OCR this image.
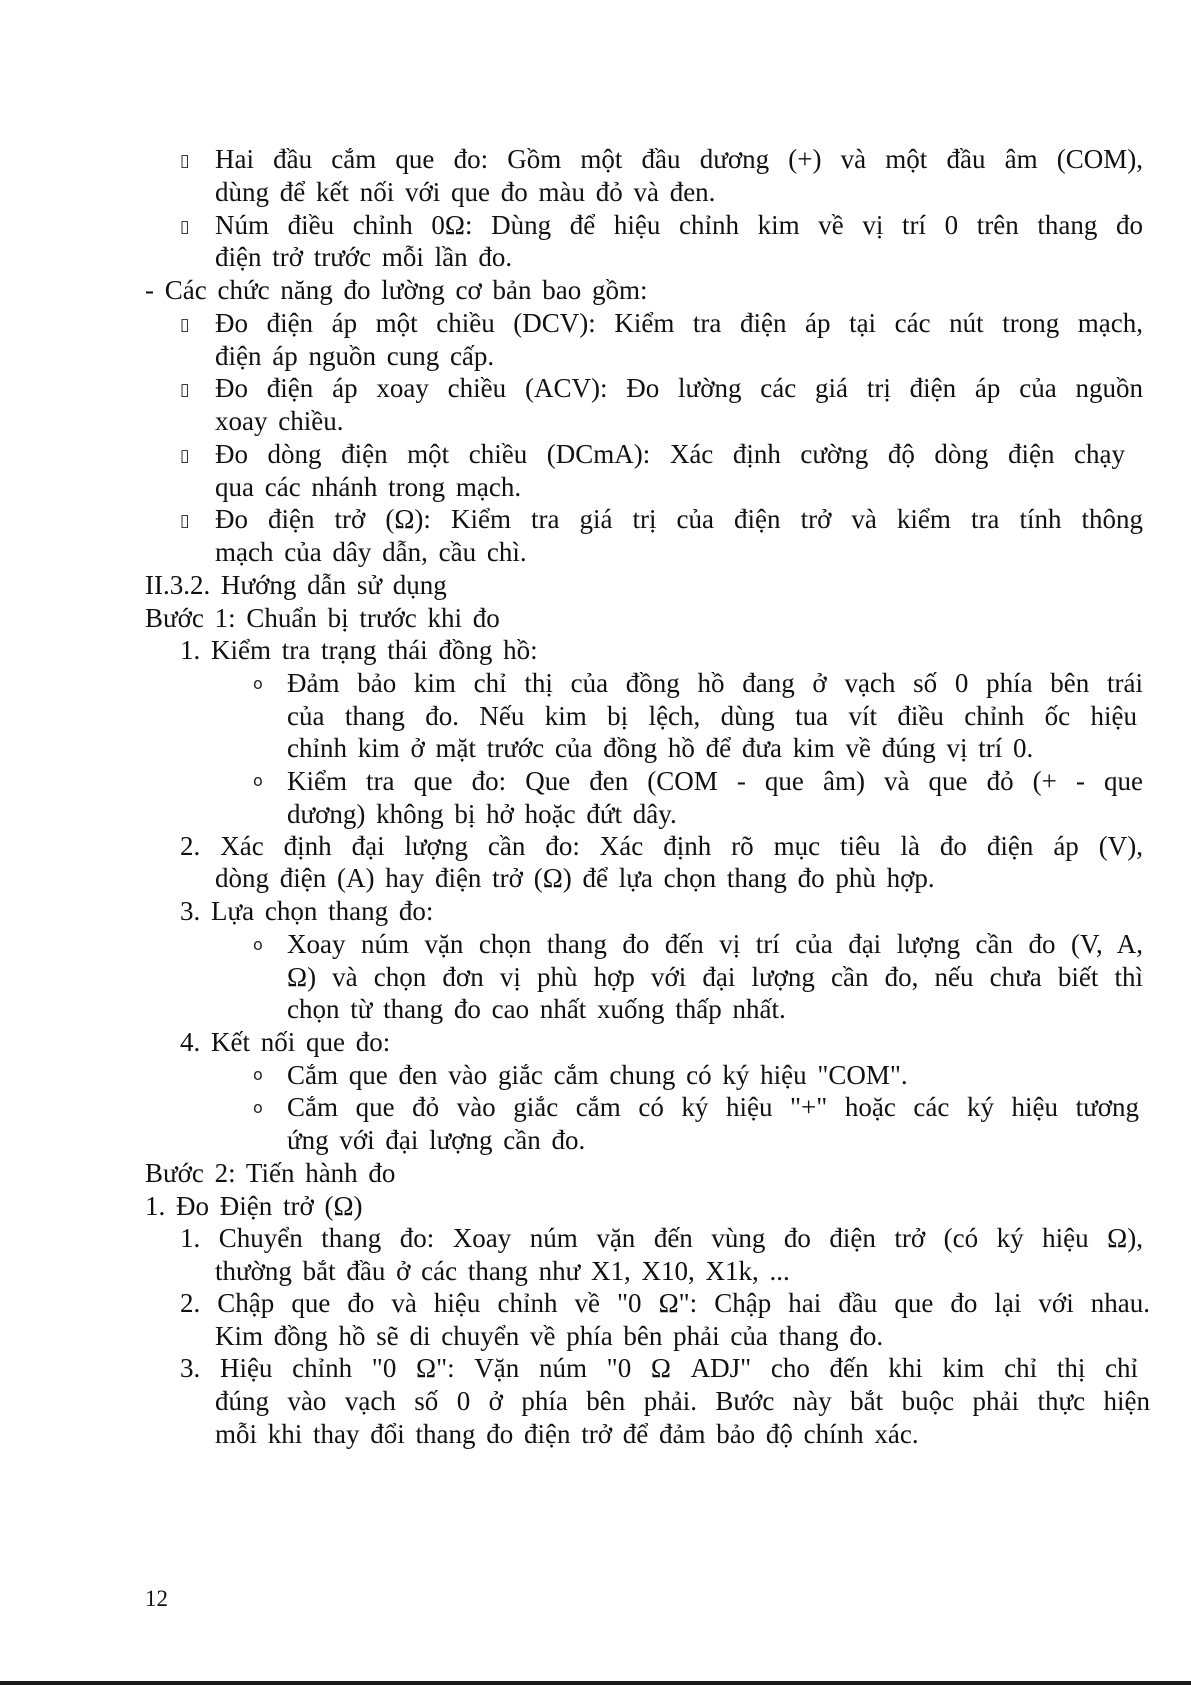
▯ Hai đầu cắm que đo: Gồm một đầu dương (+) và một đầu âm (COM),
dùng để kết nối với que đo màu đỏ và đen.
▯ Núm điều chỉnh 0Ω: Dùng để hiệu chỉnh kim về vị trí 0 trên thang đo
điện trở trước mỗi lần đo.
- Các chức năng đo lường cơ bản bao gồm:
▯ Đo điện áp một chiều (DCV): Kiểm tra điện áp tại các nút trong mạch,
điện áp nguồn cung cấp.
▯ Đo điện áp xoay chiều (ACV): Đo lường các giá trị điện áp của nguồn
xoay chiều.
▯ Đo dòng điện một chiều (DCmA): Xác định cường độ dòng điện chạy
qua các nhánh trong mạch.
▯ Đo điện trở (Ω): Kiểm tra giá trị của điện trở và kiểm tra tính thông
mạch của dây dẫn, cầu chì.
II.3.2. Hướng dẫn sử dụng
Bước 1: Chuẩn bị trước khi đo
1. Kiểm tra trạng thái đồng hồ:
o Đảm bảo kim chỉ thị của đồng hồ đang ở vạch số 0 phía bên trái
của thang đo. Nếu kim bị lệch, dùng tua vít điều chỉnh ốc hiệu
chỉnh kim ở mặt trước của đồng hồ để đưa kim về đúng vị trí 0.
o Kiểm tra que đo: Que đen (COM - que âm) và que đỏ (+ - que
dương) không bị hở hoặc đứt dây.
2. Xác định đại lượng cần đo: Xác định rõ mục tiêu là đo điện áp (V),
dòng điện (A) hay điện trở (Ω) để lựa chọn thang đo phù hợp.
3. Lựa chọn thang đo:
o Xoay núm vặn chọn thang đo đến vị trí của đại lượng cần đo (V, A,
Ω) và chọn đơn vị phù hợp với đại lượng cần đo, nếu chưa biết thì
chọn từ thang đo cao nhất xuống thấp nhất.
4. Kết nối que đo:
o Cắm que đen vào giắc cắm chung có ký hiệu "COM".
o Cắm que đỏ vào giắc cắm có ký hiệu "+" hoặc các ký hiệu tương
ứng với đại lượng cần đo.
Bước 2: Tiến hành đo
1. Đo Điện trở (Ω)
1. Chuyển thang đo: Xoay núm vặn đến vùng đo điện trở (có ký hiệu Ω),
thường bắt đầu ở các thang như X1, X10, X1k, ...
2. Chập que đo và hiệu chỉnh về "0 Ω": Chập hai đầu que đo lại với nhau.
Kim đồng hồ sẽ di chuyển về phía bên phải của thang đo.
3. Hiệu chỉnh "0 Ω": Vặn núm "0 Ω ADJ" cho đến khi kim chỉ thị chỉ
đúng vào vạch số 0 ở phía bên phải. Bước này bắt buộc phải thực hiện
mỗi khi thay đổi thang đo điện trở để đảm bảo độ chính xác.
12
